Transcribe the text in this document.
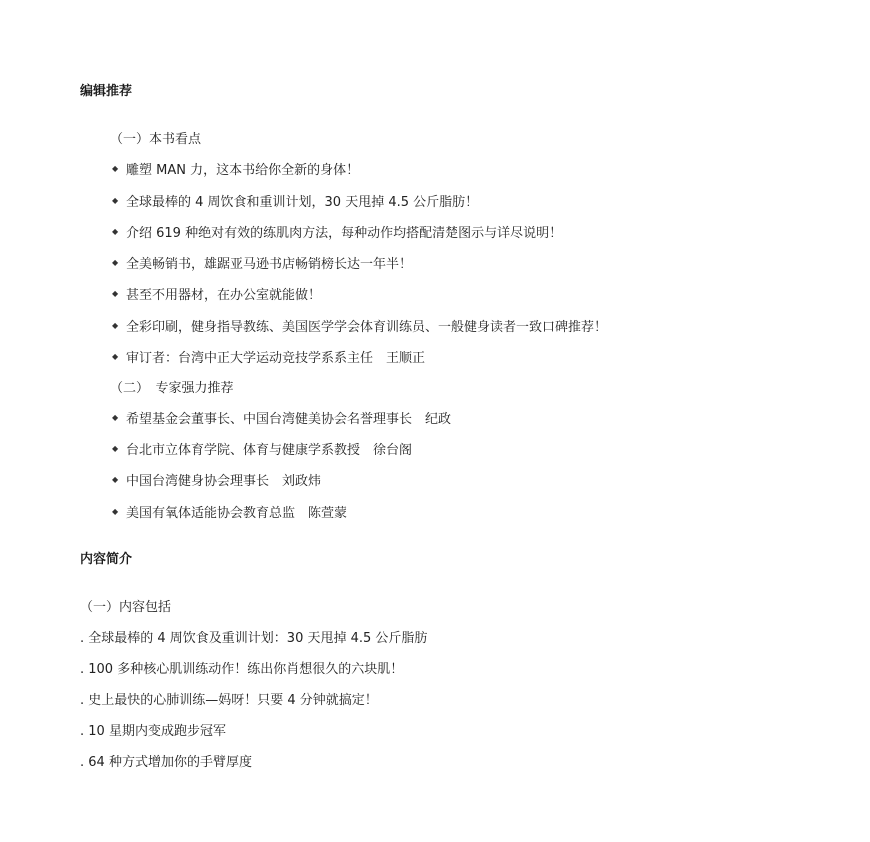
编辑推荐
（一）本书看点
◆ 雕塑 MAN 力，这本书给你全新的身体！
◆ 全球最棒的 4 周饮食和重训计划，30 天甩掉 4.5 公斤脂肪！
◆ 介绍 619 种绝对有效的练肌肉方法，每种动作均搭配清楚图示与详尽说明！
◆ 全美畅销书，雄踞亚马逊书店畅销榜长达一年半！
◆ 甚至不用器材，在办公室就能做！
◆ 全彩印刷，健身指导教练、美国医学学会体育训练员、一般健身读者一致口碑推荐！
◆ 审订者：台湾中正大学运动竞技学系系主任　王顺正
（二）　专家强力推荐
◆ 希望基金会董事长、中国台湾健美协会名誉理事长　纪政
◆ 台北市立体育学院、体育与健康学系教授　徐台阁
◆ 中国台湾健身协会理事长　刘政炜
◆ 美国有氧体适能协会教育总监　陈萱蒙
内容简介
（一）内容包括
. 全球最棒的 4 周饮食及重训计划：30 天甩掉 4.5 公斤脂肪
. 100 多种核心肌训练动作！练出你肖想很久的六块肌！
. 史上最快的心肺训练—妈呀！只要 4 分钟就搞定！
. 10 星期内变成跑步冠军
. 64 种方式增加你的手臂厚度
